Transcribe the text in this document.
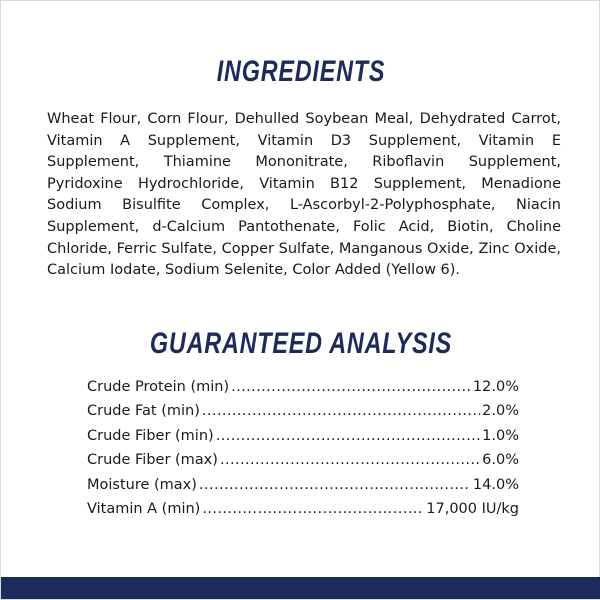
INGREDIENTS

Wheat Flour, Corn Flour, Dehulled Soybean Meal, Dehydrated Carrot, Vitamin A Supplement, Vitamin D3 Supplement, Vitamin E Supplement, Thiamine Mononitrate, Riboflavin Supplement, Pyridoxine Hydrochloride, Vitamin B12 Supplement, Menadione Sodium Bisulfite Complex, L-Ascorbyl-2-Polyphosphate, Niacin Supplement, d-Calcium Pantothenate, Folic Acid, Biotin, Choline Chloride, Ferric Sulfate, Copper Sulfate, Manganous Oxide, Zinc Oxide, Calcium Iodate, Sodium Selenite, Color Added (Yellow 6).

GUARANTEED ANALYSIS
Crude Protein (min) .....	12.0%
Crude Fat (min) .....	2.0%
Crude Fiber (min) .....	1.0%
Crude Fiber (max) .....	6.0%
Moisture (max) .....	14.0%
Vitamin A (min) .....	17,000 IU/kg
